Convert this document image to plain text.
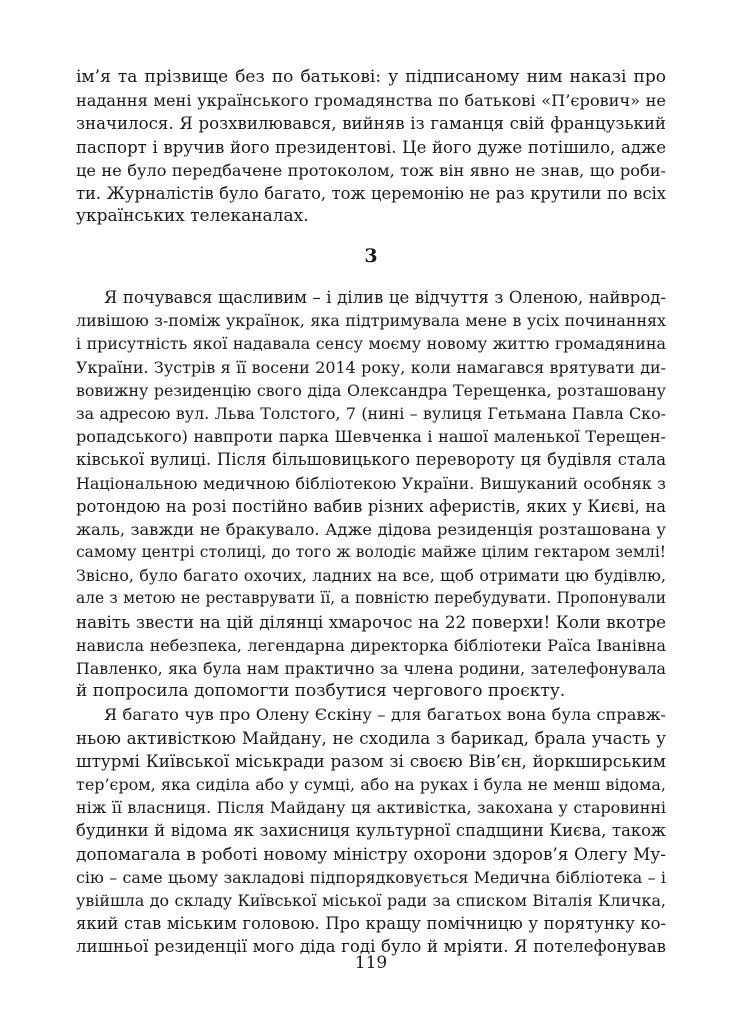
ім’я та прізвище без по батькові: у підписаному ним наказі про
надання мені українського громадянства по батькові «П’єрович» не
значилося. Я розхвилювався, вийняв із гаманця свій французький
паспорт і вручив його президентові. Це його дуже потішило, адже
це не було передбачене протоколом, тож він явно не знав, що роби-
ти. Журналістів було багато, тож церемонію не раз крутили по всіх
українських телеканалах.
3
Я почувався щасливим – і ділив це відчуття з Оленою, найврод-
ливішою з-поміж українок, яка підтримувала мене в усіх починаннях
і присутність якої надавала сенсу моєму новому життю громадянина
України. Зустрів я її восени 2014 року, коли намагався врятувати ди-
вовижну резиденцію свого діда Олександра Терещенка, розташовану
за адресою вул. Льва Толстого, 7 (нині – вулиця Гетьмана Павла Ско-
ропадського) навпроти парка Шевченка і нашої маленької Терещен-
ківської вулиці. Після більшовицького перевороту ця будівля стала
Національною медичною бібліотекою України. Вишуканий особняк з
ротондою на розі постійно вабив різних аферистів, яких у Києві, на
жаль, завжди не бракувало. Адже дідова резиденція розташована у
самому центрі столиці, до того ж володіє майже цілим гектаром землі!
Звісно, було багато охочих, ладних на все, щоб отримати цю будівлю,
але з метою не реставрувати її, а повністю перебудувати. Пропонували
навіть звести на цій ділянці хмарочос на 22 поверхи! Коли вкотре
нависла небезпека, легендарна директорка бібліотеки Раїса Іванівна
Павленко, яка була нам практично за члена родини, зателефонувала
й попросила допомогти позбутися чергового проєкту.
Я багато чув про Олену Єскіну – для багатьох вона була справж-
ньою активісткою Майдану, не сходила з барикад, брала участь у
штурмі Київської міськради разом зі своєю Вів’єн, йоркширським
тер’єром, яка сиділа або у сумці, або на руках і була не менш відома,
ніж її власниця. Після Майдану ця активістка, закохана у старовинні
будинки й відома як захисниця культурної спадщини Києва, також
допомагала в роботі новому міністру охорони здоров’я Олегу Му-
сію – саме цьому закладові підпорядковується Медична бібліотека – і
увійшла до складу Київської міської ради за списком Віталія Кличка,
який став міським головою. Про кращу помічницю у порятунку ко-
лишньої резиденції мого діда годі було й мріяти. Я потелефонував
119
